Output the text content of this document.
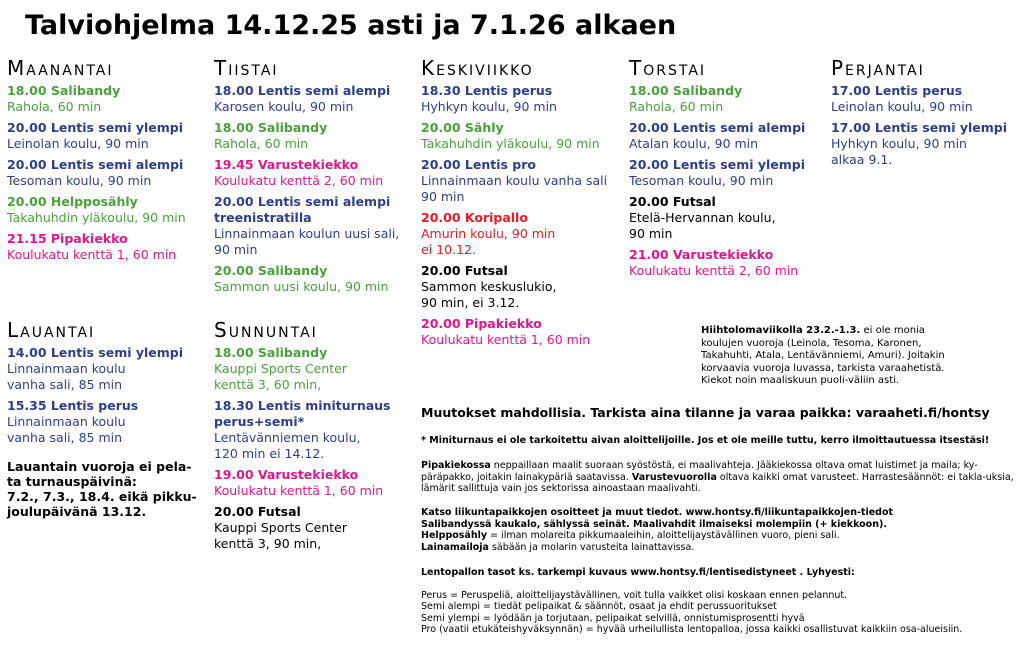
Talviohjelma 14.12.25 asti ja 7.1.26 alkaen
Maanantai
18.00 Salibandy
Rahola, 60 min
20.00 Lentis semi ylempi
Leinolan koulu, 90 min
20.00 Lentis semi alempi
Tesoman koulu, 90 min
20.00 Helpposähly
Takahuhdin yläkoulu, 90 min
21.15 Pipakiekko
Koulukatu kenttä 1, 60 min
Tiistai
18.00 Lentis semi alempi
Karosen koulu, 90 min
18.00 Salibandy
Rahola, 60 min
19.45 Varustekiekko
Koulukatu kenttä 2, 60 min
20.00 Lentis semi alempi treenistratilla
Linnainmaan koulun uusi sali,
90 min
20.00 Salibandy
Sammon uusi koulu, 90 min
Keskiviikko
18.30 Lentis perus
Hyhkyn koulu, 90 min
20.00 Sähly
Takahuhdin yläkoulu, 90 min
20.00 Lentis pro
Linnainmaan koulu vanha sali
90 min
20.00 Koripallo
Amurin koulu, 90 min
ei 10.12.
20.00 Futsal
Sammon keskuslukio,
90 min, ei 3.12.
20.00 Pipakiekko
Koulukatu kenttä 1, 60 min
Torstai
18.00 Salibandy
Rahola, 60 min
20.00 Lentis semi alempi
Atalan koulu, 90 min
20.00 Lentis semi ylempi
Tesoman koulu, 90 min
20.00 Futsal
Etelä-Hervannan koulu,
90 min
21.00 Varustekiekko
Koulukatu kenttä 2, 60 min
Perjantai
17.00 Lentis perus
Leinolan koulu, 90 min
17.00 Lentis semi ylempi
Hyhkyn koulu, 90 min
alkaa 9.1.
Lauantai
14.00 Lentis semi ylempi
Linnainmaan koulu
vanha sali, 85 min
15.35 Lentis perus
Linnainmaan koulu
vanha sali, 85 min
Sunnuntai
18.00 Salibandy
Kauppi Sports Center
kenttä 3, 60 min,
18.30 Lentis miniturnaus perus+semi*
Lentävänniemen koulu,
120 min ei 14.12.
19.00 Varustekiekko
Koulukatu kenttä 1, 60 min
20.00 Futsal
Kauppi Sports Center
kenttä 3, 90 min,
Lauantain vuoroja ei pela-
ta turnauspäivinä:
7.2., 7.3., 18.4. eikä pikku-
joulupäivänä 13.12.
Hiihtolomaviikolla 23.2.-1.3. ei ole monia koulujen vuoroja (Leinola, Tesoma, Karonen, Takahuhti, Atala, Lentävänniemi, Amuri). Joitakin korvaavia vuoroja luvassa, tarkista varaahetistä. Kiekot noin maaliskuun puoli-väliin asti.
Muutokset mahdollisia. Tarkista aina tilanne ja varaa paikka: varaaheti.fi/hontsy
* Miniturnaus ei ole tarkoitettu aivan aloittelijoille. Jos et ole meille tuttu, kerro ilmoittautuessa itsestäsi!
Pipakiekossa neppaillaan maalit suoraan syöstöstä, ei maalivahteja. Jääkiekossa oltava omat luistimet ja maila; ky-päräpakko, joitakin lainakypäriä saatavissa. Varustevuorolla oltava kaikki omat varusteet. Harrastesäännöt: ei takla-uksia, lämärit sallittuja vain jos sektorissa ainoastaan maalivahti.
Katso liikuntapaikkojen osoitteet ja muut tiedot. www.hontsy.fi/liikuntapaikkojen-tiedot
Salibandyssä kaukalo, sählyssä seinät. Maalivahdit ilmaiseksi molempiin (+ kiekkoon).
Helpposähly = ilman molareita pikkumaaleihin, aloittelijaystävällinen vuoro, pieni sali.
Lainamailoja säbään ja molarin varusteita lainattavissa.
Lentopallon tasot ks. tarkempi kuvaus www.hontsy.fi/lentisedistyneet . Lyhyesti:
Perus = Peruspeliä, aloittelijaystävällinen, voit tulla vaikket olisi koskaan ennen pelannut.
Semi alempi = tiedät pelipaikat & säännöt, osaat ja ehdit perussuoritukset
Semi ylempi = lyödään ja torjutaan, pelipaikat selvillä, onnistumisprosentti hyvä
Pro (vaatii etukäteishyväksynnän) = hyvää urheilullista lentopalloa, jossa kaikki osallistuvat kaikkiin osa-alueisiin.
